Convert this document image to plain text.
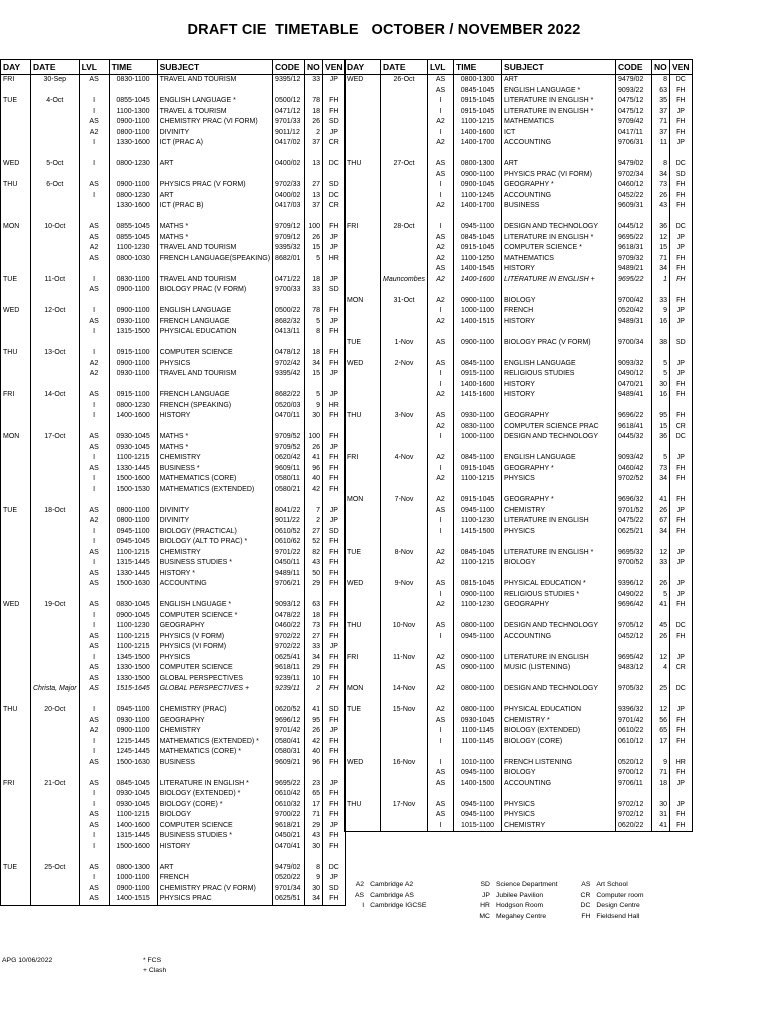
DRAFT CIE  TIMETABLE   OCTOBER / NOVEMBER 2022
DAY	DATE	LVL	TIME	SUBJECT	CODE	NO	VEN
FRI	30-Sep	AS	0830-1100	TRAVEL AND TOURISM	9395/12	33	JP

TUE	4-Oct	I	0855-1045	ENGLISH LANGUAGE *	0500/12	78	FH
		I	1100-1300	TRAVEL & TOURISM	0471/12	18	FH
		AS	0900-1100	CHEMISTRY PRAC (VI FORM)	9701/33	26	SD
		A2	0800-1100	DIVINITY	9011/12	2	JP
		I	1330-1600	ICT (PRAC A)	0417/02	37	CR

WED	5-Oct	I	0800-1230	ART	0400/02	13	DC

THU	6-Oct	AS	0900-1100	PHYSICS PRAC (V FORM)	9702/33	27	SD
		I	0800-1230	ART	0400/02	13	DC
			1330-1600	ICT (PRAC B)	0417/03	37	CR

MON	10-Oct	AS	0855-1045	MATHS *	9709/12	100	FH
		AS	0855-1045	MATHS *	9709/12	26	JP
		A2	1100-1230	TRAVEL AND TOURISM	9395/32	15	JP
		AS	0800-1030	FRENCH LANGUAGE(SPEAKING)	8682/01	5	HR

TUE	11-Oct	I	0830-1100	TRAVEL AND TOURISM	0471/22	18	JP
		AS	0900-1100	BIOLOGY PRAC (V FORM)	9700/33	33	SD

WED	12-Oct	I	0900-1100	ENGLISH LANGUAGE	0500/22	78	FH
		AS	0930-1100	FRENCH LANGUAGE	8682/32	5	JP
		I	1315-1500	PHYSICAL EDUCATION	0413/11	8	FH

THU	13-Oct	I	0915-1100	COMPUTER SCIENCE	0478/12	18	FH
		A2	0900-1100	PHYSICS	9702/42	34	FH
		A2	0930-1100	TRAVEL AND TOURISM	9395/42	15	JP

FRI	14-Oct	AS	0915-1100	FRENCH LANGUAGE	8682/22	5	JP
		I	0800-1230	FRENCH (SPEAKING)	0520/03	9	HR
		I	1400-1600	HISTORY	0470/11	30	FH

MON	17-Oct	AS	0930-1045	MATHS *	9709/52	100	FH
		AS	0930-1045	MATHS *	9709/52	26	JP
		I	1100-1215	CHEMISTRY	0620/42	41	FH
		AS	1330-1445	BUSINESS *	9609/11	96	FH
		I	1500-1600	MATHEMATICS (CORE)	0580/11	40	FH
		I	1500-1530	MATHEMATICS (EXTENDED)	0580/21	42	FH

TUE	18-Oct	AS	0800-1100	DIVINITY	8041/22	7	JP
		A2	0800-1100	DIVINITY	9011/22	2	JP
		I	0945-1100	BIOLOGY (PRACTICAL)	0610/52	27	SD
		I	0945-1045	BIOLOGY (ALT TO PRAC) *	0610/62	52	FH
		AS	1100-1215	CHEMISTRY	9701/22	82	FH
		I	1315-1445	BUSINESS STUDIES *	0450/11	43	FH
		AS	1330-1445	HISTORY *	9489/11	50	FH
		AS	1500-1630	ACCOUNTING	9706/21	29	FH

WED	19-Oct	AS	0830-1045	ENGLISH LNGUAGE *	9093/12	63	FH
		I	0900-1045	COMPUTER SCIENCE *	0478/22	18	FH
		I	1100-1230	GEOGRAPHY	0460/22	73	FH
		AS	1100-1215	PHYSICS (V FORM)	9702/22	27	FH
		AS	1100-1215	PHYSICS (VI FORM)	9702/22	33	JP
		I	1345-1500	PHYSICS	0625/41	34	FH
		AS	1330-1500	COMPUTER SCIENCE	9618/11	29	FH
		AS	1330-1500	GLOBAL PERSPECTIVES	9239/11	10	FH
	Christa, Major	AS	1515-1645	GLOBAL PERSPECTIVES +	9239/11	2	FH

THU	20-Oct	I	0945-1100	CHEMISTRY (PRAC)	0620/52	41	SD
		AS	0930-1100	GEOGRAPHY	9696/12	95	FH
		A2	0900-1100	CHEMISTRY	9701/42	26	JP
		I	1215-1445	MATHEMATICS (EXTENDED) *	0580/41	42	FH
		I	1245-1445	MATHEMATICS (CORE) *	0580/31	40	FH
		AS	1500-1630	BUSINESS	9609/21	96	FH

FRI	21-Oct	AS	0845-1045	LITERATURE IN ENGLISH *	9695/22	23	JP
		I	0930-1045	BIOLOGY (EXTENDED) *	0610/42	65	FH
		I	0930-1045	BIOLOGY (CORE) *	0610/32	17	FH
		AS	1100-1215	BIOLOGY	9700/22	71	FH
		AS	1400-1600	COMPUTER SCIENCE	9618/21	29	JP
		I	1315-1445	BUSINESS STUDIES *	0450/21	43	FH
		I	1500-1600	HISTORY	0470/41	30	FH

TUE	25-Oct	AS	0800-1300	ART	9479/02	8	DC
		I	1000-1100	FRENCH	0520/22	9	JP
		AS	0900-1100	CHEMISTRY PRAC (V FORM)	9701/34	30	SD
		AS	1400-1515	PHYSICS PRAC	0625/51	34	FH
DAY	DATE	LVL	TIME	SUBJECT	CODE	NO	VEN
WED	26-Oct	AS	0800-1300	ART	9479/02	8	DC
		AS	0845-1045	ENGLISH LANGUAGE *	9093/22	63	FH
		I	0915-1045	LITERATURE IN ENGLISH *	0475/12	35	FH
		I	0915-1045	LITERATURE IN ENGLISH *	0475/12	37	JP
		A2	1100-1215	MATHEMATICS	9709/42	71	FH
		I	1400-1600	ICT	0417/11	37	FH
		A2	1400-1700	ACCOUNTING	9706/31	11	JP

THU	27-Oct	AS	0800-1300	ART	9479/02	8	DC
		AS	0900-1100	PHYSICS PRAC (VI FORM)	9702/34	34	SD
		I	0900-1045	GEOGRAPHY *	0460/12	73	FH
		I	1100-1245	ACCOUNTING	0452/22	26	FH
		A2	1400-1700	BUSINESS	9609/31	43	FH

FRI	28-Oct	I	0945-1100	DESIGN AND TECHNOLOGY	0445/12	36	DC
		AS	0845-1045	LITERATURE IN ENGLISH *	9695/22	12	JP
		A2	0915-1045	COMPUTER SCIENCE *	9618/31	15	JP
		A2	1100-1250	MATHEMATICS	9709/32	71	FH
		AS	1400-1545	HISTORY	9489/21	34	FH
	Mauncombes	A2	1400-1600	LITERATURE IN ENGLISH +	9695/22	1	FH

MON	31-Oct	A2	0900-1100	BIOLOGY	9700/42	33	FH
		I	1000-1100	FRENCH	0520/42	9	JP
		A2	1400-1515	HISTORY	9489/31	16	JP

TUE	1-Nov	AS	0900-1100	BIOLOGY PRAC (V FORM)	9700/34	38	SD

WED	2-Nov	AS	0845-1100	ENGLISH LANGUAGE	9093/32	5	JP
		I	0915-1100	RELIGIOUS STUDIES	0490/12	5	JP
		I	1400-1600	HISTORY	0470/21	30	FH
		A2	1415-1600	HISTORY	9489/41	16	FH

THU	3-Nov	AS	0930-1100	GEOGRAPHY	9696/22	95	FH
		A2	0830-1100	COMPUTER SCIENCE PRAC	9618/41	15	CR
		I	1000-1100	DESIGN AND TECHNOLOGY	0445/32	36	DC

FRI	4-Nov	A2	0845-1100	ENGLISH LANGUAGE	9093/42	5	JP
		I	0915-1045	GEOGRAPHY *	0460/42	73	FH
		A2	1100-1215	PHYSICS	9702/52	34	FH

MON	7-Nov	A2	0915-1045	GEOGRAPHY *	9696/32	41	FH
		AS	0945-1100	CHEMISTRY	9701/52	26	JP
		I	1100-1230	LITERATURE IN ENGLISH	0475/22	67	FH
		I	1415-1500	PHYSICS	0625/21	34	FH

TUE	8-Nov	A2	0845-1045	LITERATURE IN ENGLISH *	9695/32	12	JP
		A2	1100-1215	BIOLOGY	9700/52	33	JP

WED	9-Nov	AS	0815-1045	PHYSICAL EDUCATION *	9396/12	26	JP
		I	0900-1100	RELIGIOUS STUDIES *	0490/22	5	JP
		A2	1100-1230	GEOGRAPHY	9696/42	41	FH

THU	10-Nov	AS	0800-1100	DESIGN AND TECHNOLOGY	9705/12	45	DC
		I	0945-1100	ACCOUNTING	0452/12	26	FH

FRI	11-Nov	A2	0900-1100	LITERATURE IN ENGLISH	9695/42	12	JP
		AS	0900-1100	MUSIC (LISTENING)	9483/12	4	CR

MON	14-Nov	A2	0800-1100	DESIGN AND TECHNOLOGY	9705/32	25	DC

TUE	15-Nov	A2	0800-1100	PHYSICAL EDUCATION	9396/32	12	JP
		AS	0930-1045	CHEMISTRY *	9701/42	56	FH
		I	1100-1145	BIOLOGY (EXTENDED)	0610/22	65	FH
		I	1100-1145	BIOLOGY (CORE)	0610/12	17	FH

WED	16-Nov	I	1010-1100	FRENCH LISTENING	0520/12	9	HR
		AS	0945-1100	BIOLOGY	9700/12	71	FH
		AS	1400-1500	ACCOUNTING	9706/11	18	JP

THU	17-Nov	AS	0945-1100	PHYSICS	9702/12	30	JP
		AS	0945-1100	PHYSICS	9702/12	31	FH
		I	1015-1100	CHEMISTRY	0620/22	41	FH
A2	Cambridge A2	SD	Science Department	AS	Art School
AS	Cambridge AS	JP	Jubilee Pavilion	CR	Computer room
I	Cambridge IGCSE	HR	Hodgson Room	DC	Design Centre
		MC	Megahey Centre	FH	Fieldsend Hall
APG 10/06/2022	* FCS
+ Clash
